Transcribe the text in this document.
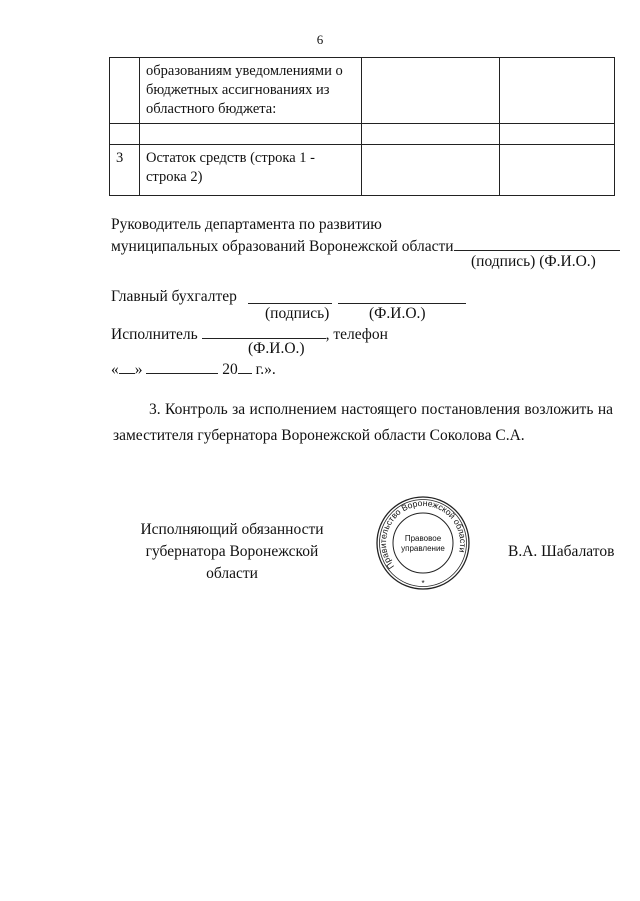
6
	образованиям уведомлениями о бюджетных ассигнованиях из областного бюджета:		

3	Остаток средств (строка 1 - строка 2)		
Руководитель департамента по развитию
муниципальных образований Воронежской области
(подпись) (Ф.И.О.)
Главный бухгалтер
(подпись)	(Ф.И.О.)
Исполнитель	, телефон
(Ф.И.О.)
« »	20 г.».
3. Контроль за исполнением настоящего постановления возложить на
заместителя губернатора Воронежской области Соколова С.А.
Исполняющий обязанности
губернатора Воронежской области
В.А. Шабалатов
Правительство Воронежской области
Правовое
управление
*
